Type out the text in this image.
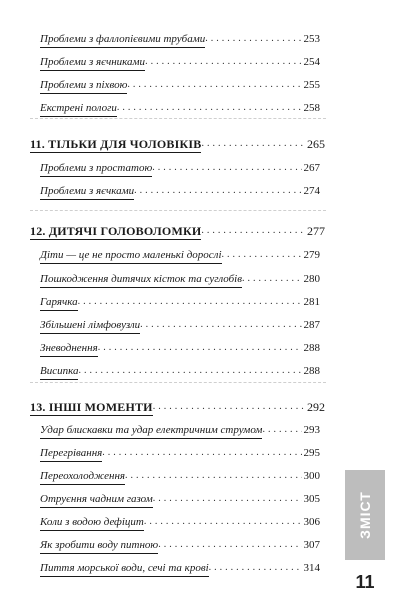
Проблеми з фаллопієвими трубами . . .	253
Проблеми з яєчниками . . .	254
Проблеми з піхвою . . .	255
Екстрені пологи . . .	258
11. ТІЛЬКИ ДЛЯ ЧОЛОВІКІВ . . .	265
Проблеми з простатою . . .	267
Проблеми з яєчками . . .	274
12. ДИТЯЧІ ГОЛОВОЛОМКИ . . .	277
Діти — це не просто маленькі дорослі . . .	279
Пошкодження дитячих кісток та суглобів . . .	280
Гарячка . . .	281
Збільшені лімфовузли . . .	287
Зневоднення . . .	288
Висипка . . .	288
13. ІНШІ МОМЕНТИ . . .	292
Удар блискавки та удар електричним струмом . . .	293
Перегрівання . . .	295
Переохолодження . . .	300
Отруєння чадним газом . . .	305
Коли з водою дефіцит . . .	306
Як зробити воду питною . . .	307
Пиття морської води, сечі та крові . . .	314
ЗМІСТ
11
